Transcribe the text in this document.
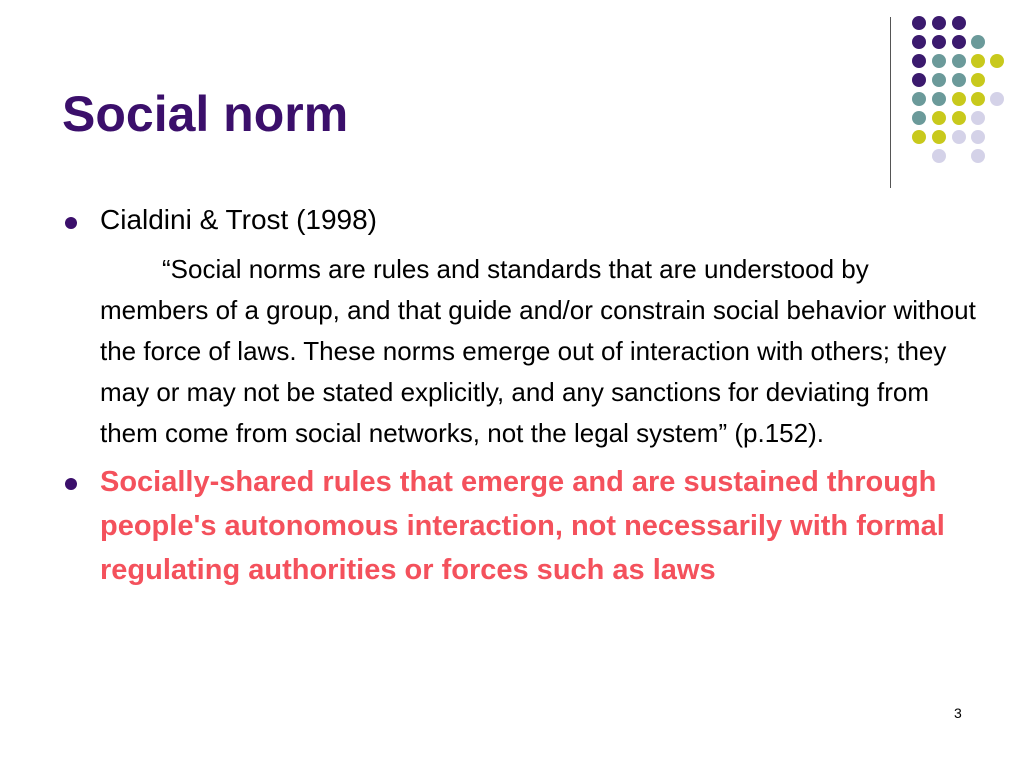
Social norm
Cialdini & Trost (1998)

“Social norms are rules and standards that are understood by members of a group, and that guide and/or constrain social behavior without the force of laws. These norms emerge out of interaction with others; they may or may not be stated explicitly, and any sanctions for deviating from them come from social networks, not the legal system” (p.152).

Socially-shared rules that emerge and are sustained through people's autonomous interaction, not necessarily with formal regulating authorities or forces such as laws
3
